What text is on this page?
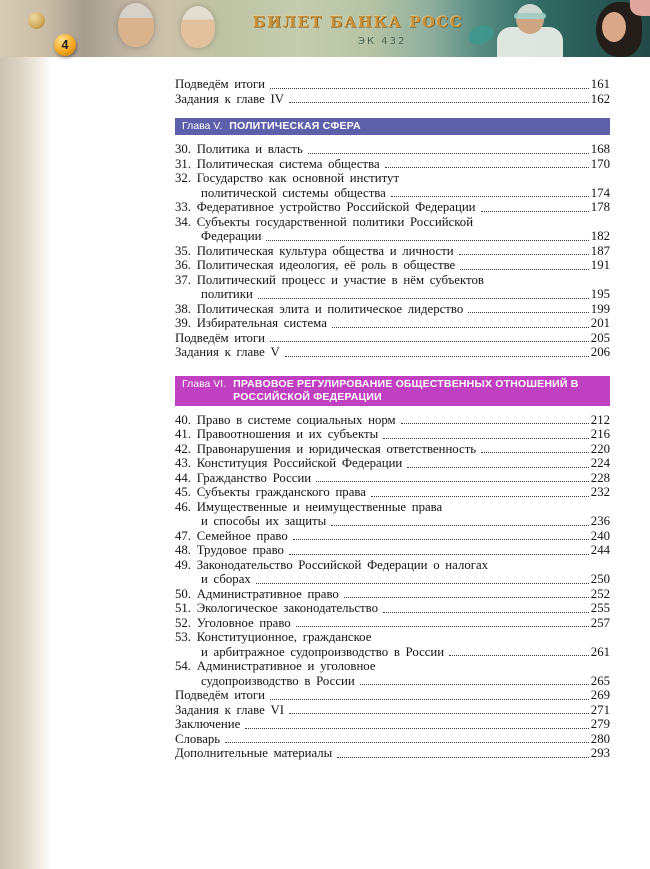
БИЛЕТ БАНКА РОСС
ЭК 432
4
Подведём итоги	161
Задания к главе IV	162
Глава V. ПОЛИТИЧЕСКАЯ СФЕРА
30. Политика и власть	168
31. Политическая система общества	170
32. Государство как основной институт
политической системы общества	174
33. Федеративное устройство Российской Федерации	178
34. Субъекты государственной политики Российской
Федерации	182
35. Политическая культура общества и личности	187
36. Политическая идеология, её роль в обществе	191
37. Политический процесс и участие в нём субъектов
политики	195
38. Политическая элита и политическое лидерство	199
39. Избирательная система	201
Подведём итоги	205
Задания к главе V	206
Глава VI. ПРАВОВОЕ РЕГУЛИРОВАНИЕ ОБЩЕСТВЕННЫХ ОТНОШЕНИЙ В РОССИЙСКОЙ ФЕДЕРАЦИИ
40. Право в системе социальных норм	212
41. Правоотношения и их субъекты	216
42. Правонарушения и юридическая ответственность	220
43. Конституция Российской Федерации	224
44. Гражданство России	228
45. Субъекты гражданского права	232
46. Имущественные и неимущественные права
и способы их защиты	236
47. Семейное право	240
48. Трудовое право	244
49. Законодательство Российской Федерации о налогах
и сборах	250
50. Административное право	252
51. Экологическое законодательство	255
52. Уголовное право	257
53. Конституционное, гражданское
и арбитражное судопроизводство в России	261
54. Административное и уголовное
судопроизводство в России	265
Подведём итоги	269
Задания к главе VI	271
Заключение	279
Словарь	280
Дополнительные материалы	293
